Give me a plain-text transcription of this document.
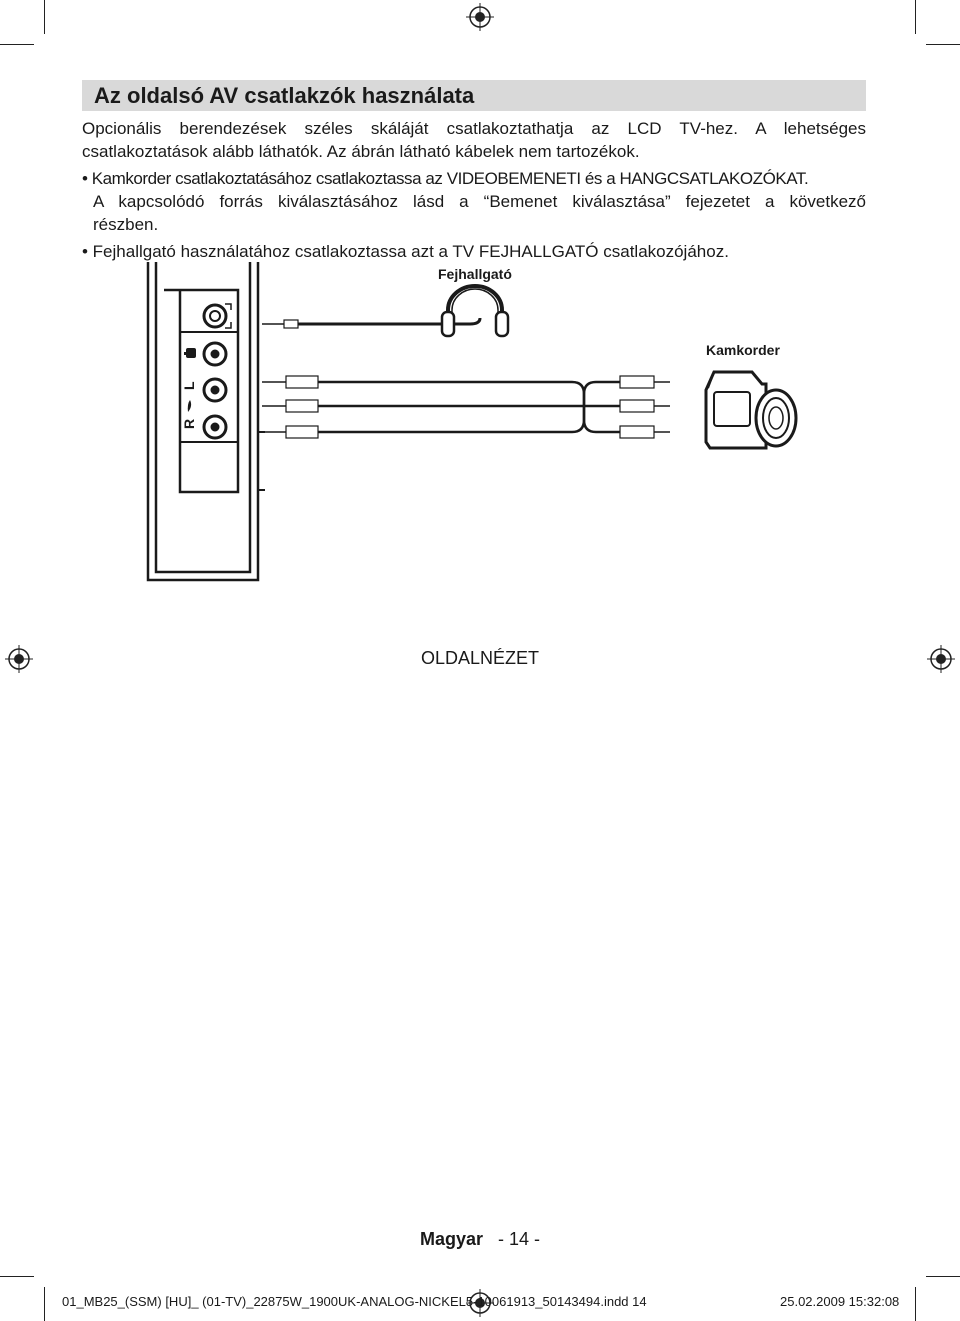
Az oldalsó AV csatlakzók használata
Opcionális berendezések széles skáláját csatlakoztathatja az LCD TV-hez. A lehetséges
csatlakoztatások alább láthatók. Az ábrán látható kábelek nem tartozékok.
• Kamkorder csatlakoztatásához csatlakoztassa az VIDEOBEMENETI és a HANGCSATLAKOZÓKAT.
A kapcsolódó forrás kiválasztásához lásd a “Bemenet kiválasztása” fejezetet a következő
részben.
• Fejhallgató használatához csatlakoztassa azt a TV FEJHALLGATÓ csatlakozójához.
L
R
Fejhallgató
Kamkorder
OLDALNÉZET
Magyar - 14 -
01_MB25_(SSM) [HU]_ (01-TV)_22875W_1900UK-ANALOG-NICKEL5-10061913_50143494.indd 14	25.02.2009 15:32:08
